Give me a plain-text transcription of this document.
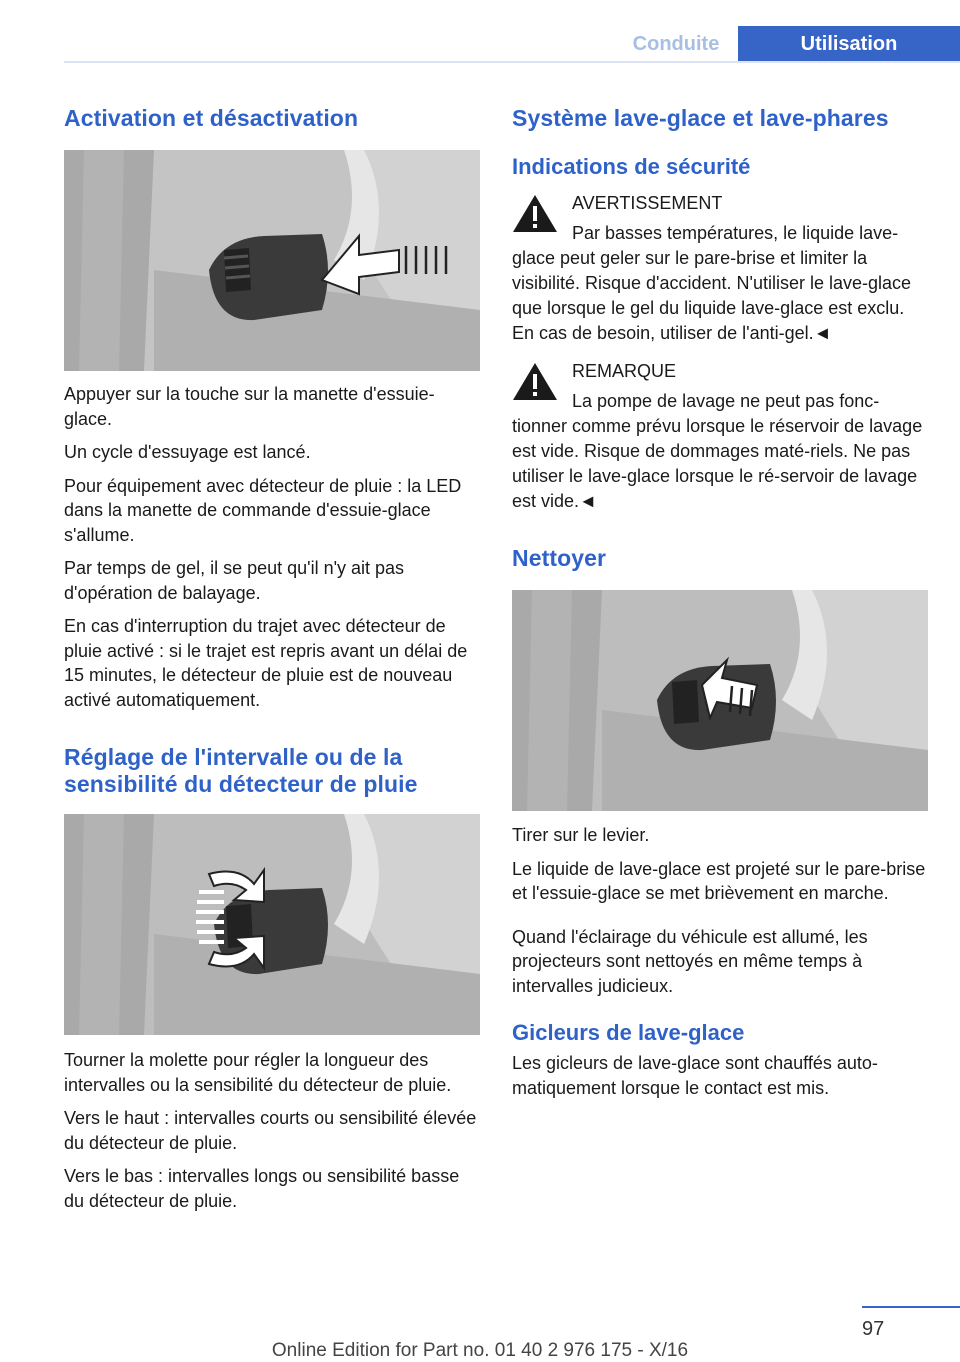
Conduite	Utilisation
Activation et désactivation

Appuyer sur la touche sur la manette d'essuie-glace.

Un cycle d'essuyage est lancé.

Pour équipement avec détecteur de pluie : la LED dans la manette de commande d'essuie-glace s'allume.

Par temps de gel, il se peut qu'il n'y ait pas d'opération de balayage.

En cas d'interruption du trajet avec détecteur de pluie activé : si le trajet est repris avant un délai de 15 minutes, le détecteur de pluie est de nouveau activé automatiquement.

Réglage de l'intervalle ou de la sensibilité du détecteur de pluie

Tourner la molette pour régler la longueur des intervalles ou la sensibilité du détecteur de pluie.

Vers le haut : intervalles courts ou sensibilité élevée du détecteur de pluie.

Vers le bas : intervalles longs ou sensibilité basse du détecteur de pluie.

Système lave-glace et lave-phares
Indications de sécurité
AVERTISSEMENT

Par basses températures, le liquide lave-glace peut geler sur le pare-brise et limiter la visibilité. Risque d'accident. N'utiliser le lave-glace que lorsque le gel du liquide lave-glace est exclu. En cas de besoin, utiliser de l'anti-gel.◄

REMARQUE

La pompe de lavage ne peut pas fonc-tionner comme prévu lorsque le réservoir de lavage est vide. Risque de dommages maté-riels. Ne pas utiliser le lave-glace lorsque le ré-servoir de lavage est vide.◄

Nettoyer

Tirer sur le levier.

Le liquide de lave-glace est projeté sur le pare-brise et l'essuie-glace se met brièvement en marche.

Quand l'éclairage du véhicule est allumé, les projecteurs sont nettoyés en même temps à intervalles judicieux.

Gicleurs de lave-glace

Les gicleurs de lave-glace sont chauffés auto-matiquement lorsque le contact est mis.

97
Online Edition for Part no. 01 40 2 976 175 - X/16
